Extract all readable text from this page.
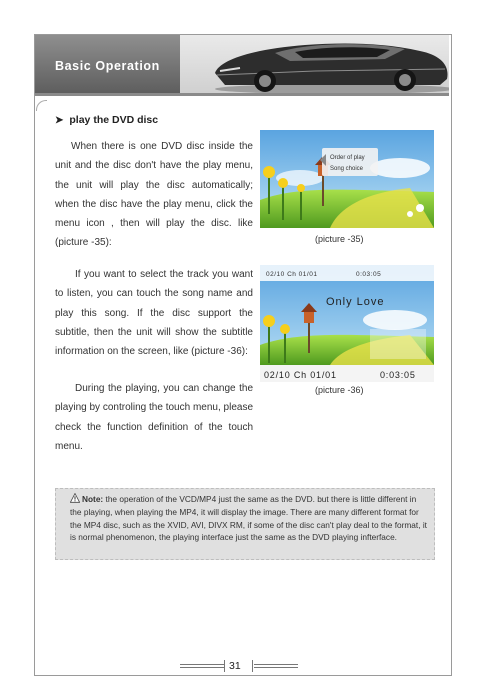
Basic Operation
➤ play the DVD disc
When there is one DVD disc inside the unit and the disc don't have the play menu, the unit will play the disc automatically; when the disc have the play menu, click the menu icon , then will play the disc. like (picture -35):
Order of play
Song choice
(picture -35)
If you want to select the track you want to listen, you can touch the song name and play this song. If the disc support the subtitle, then the unit will show the subtitle information on the screen, like (picture -36):
02/10 Ch 01/01	0:03:05
Only Love
02/10 Ch 01/01	0:03:05
(picture -36)
During the playing, you can change the playing by controling the touch menu, please check the function definition of the touch menu.
Note: the operation of the VCD/MP4 just the same as the DVD. but there is little different in the playing, when playing the MP4, it will display the image. There are many different format for the MP4 disc, such as the XVID, AVI, DIVX RM, if some of the disc can't play deal to the format, it is normal phenomenon, the playing interface just the same as the DVD playing infterface.
31
